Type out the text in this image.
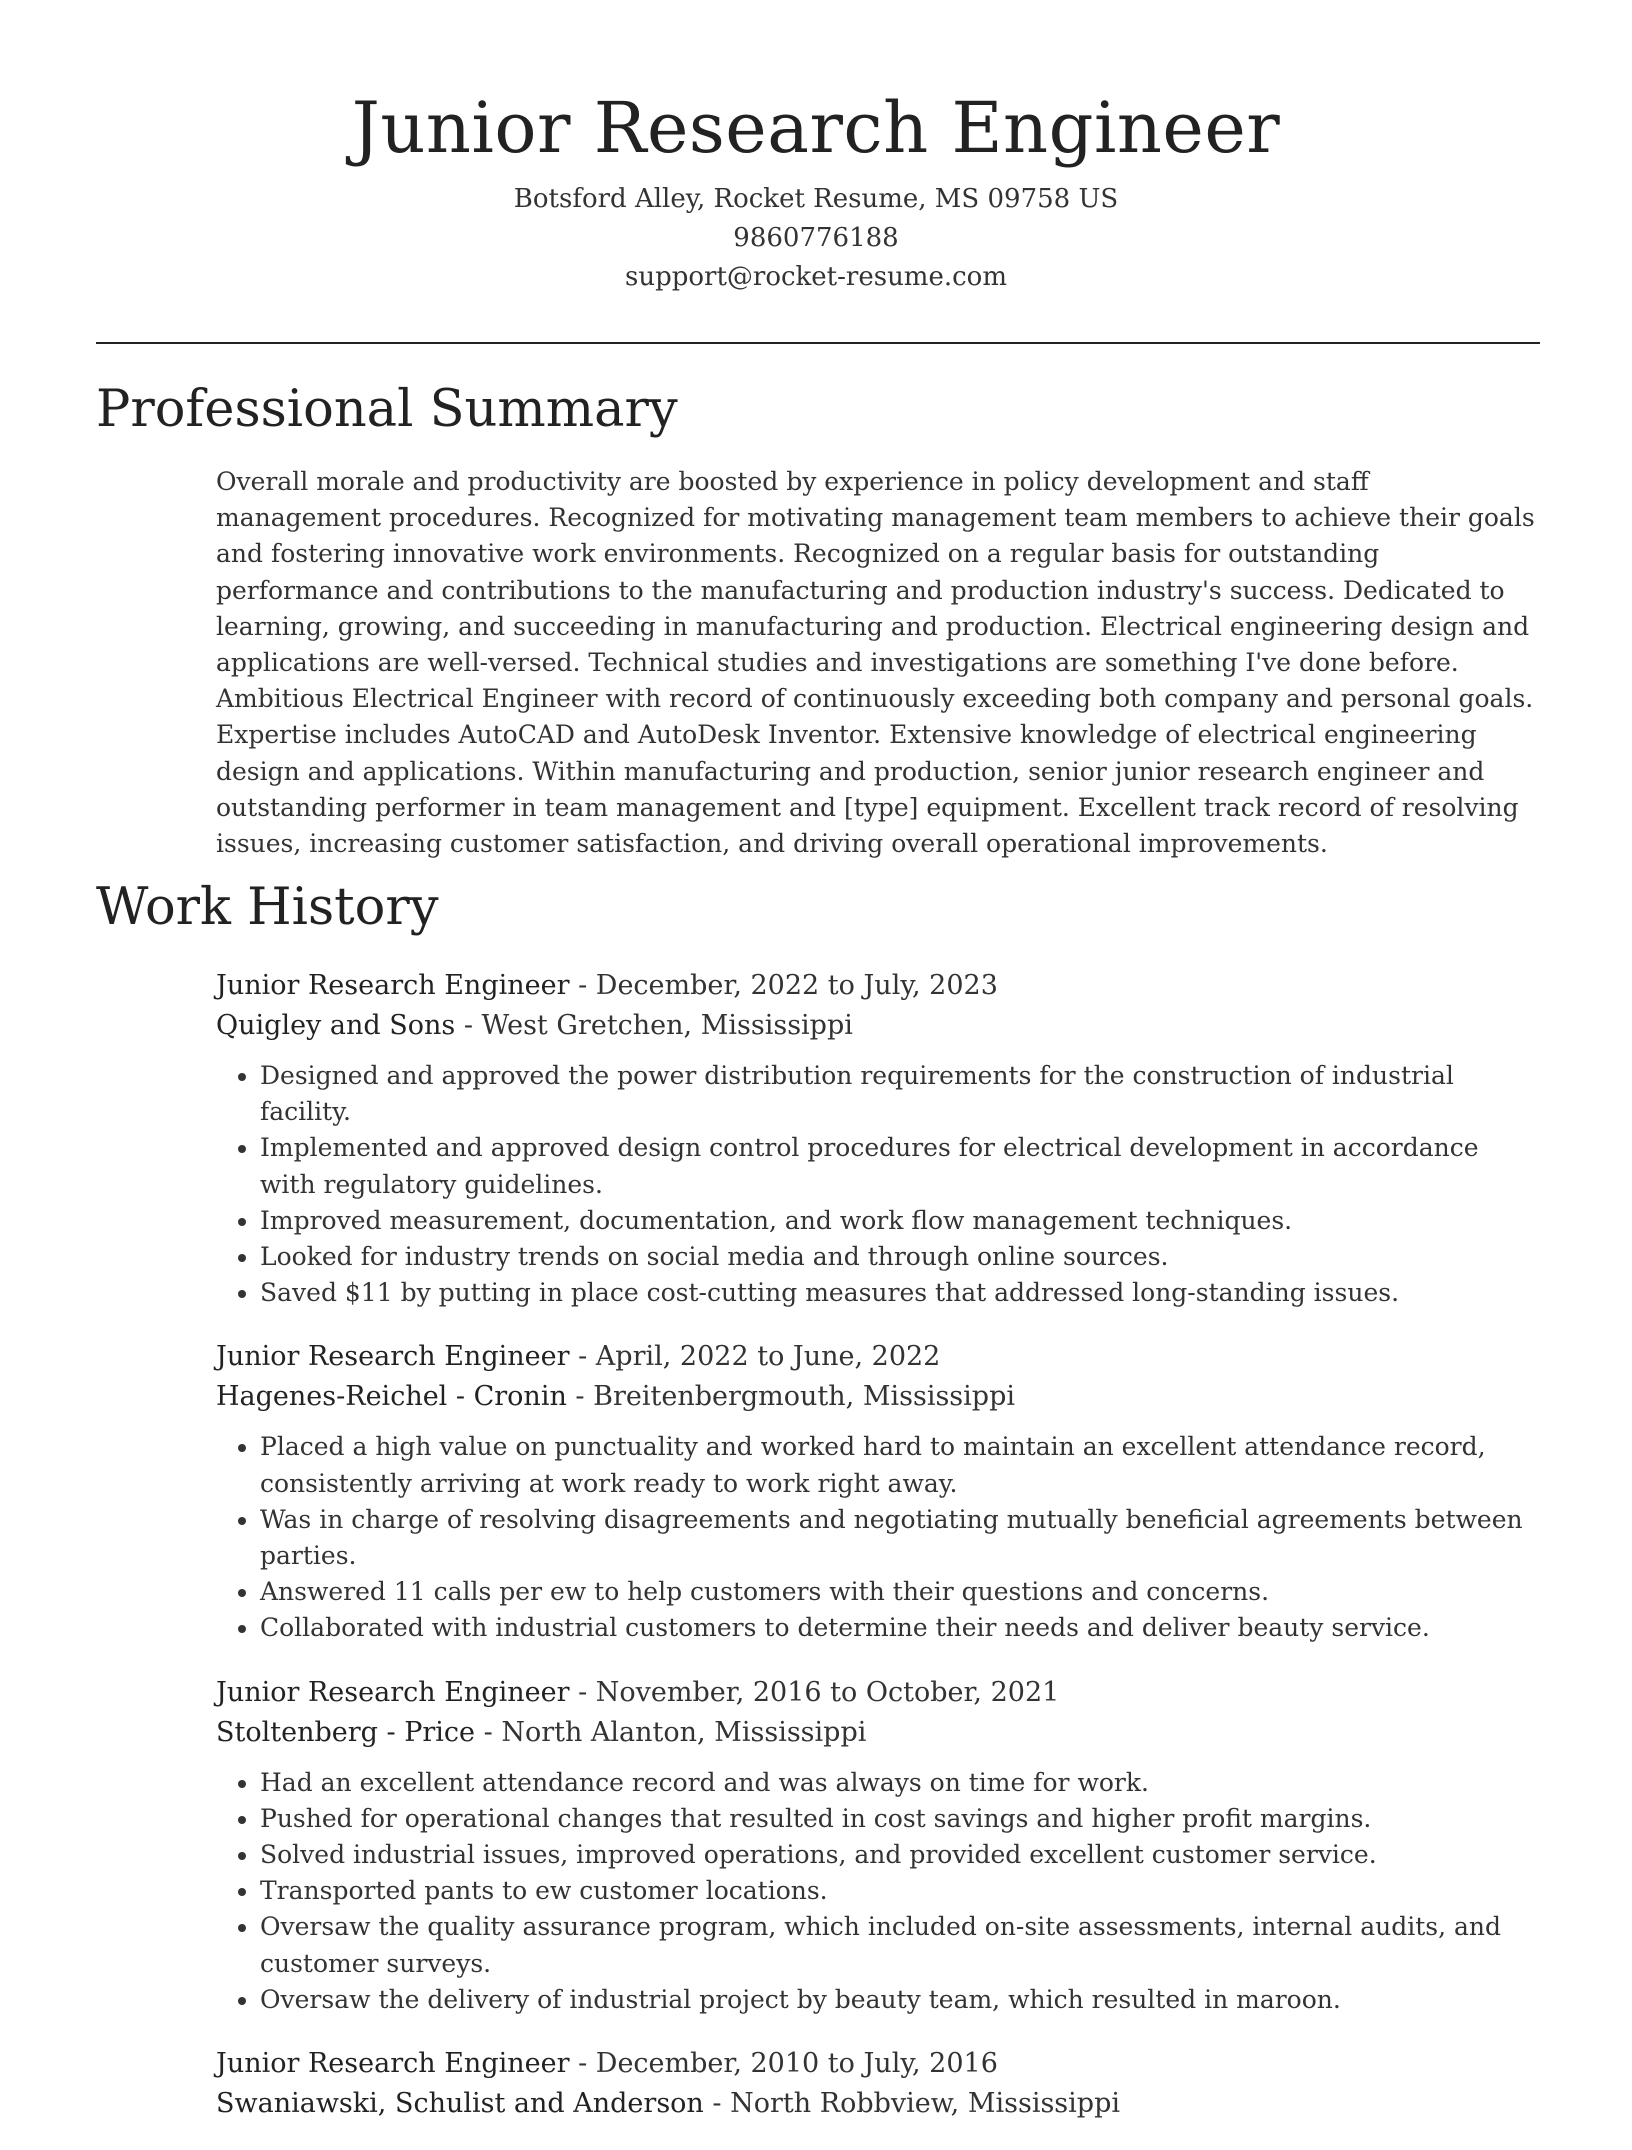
Junior Research Engineer
Botsford Alley, Rocket Resume, MS 09758 US
9860776188
support@rocket-resume.com
Professional Summary

Overall morale and productivity are boosted by experience in policy development and staff management procedures. Recognized for motivating management team members to achieve their goals and fostering innovative work environments. Recognized on a regular basis for outstanding performance and contributions to the manufacturing and production industry's success. Dedicated to learning, growing, and succeeding in manufacturing and production. Electrical engineering design and applications are well-versed. Technical studies and investigations are something I've done before. Ambitious Electrical Engineer with record of continuously exceeding both company and personal goals. Expertise includes AutoCAD and AutoDesk Inventor. Extensive knowledge of electrical engineering design and applications. Within manufacturing and production, senior junior research engineer and outstanding performer in team management and [type] equipment. Excellent track record of resolving issues, increasing customer satisfaction, and driving overall operational improvements.

Work History
Junior Research Engineer - December, 2022 to July, 2023
Quigley and Sons - West Gretchen, Mississippi
• Designed and approved the power distribution requirements for the construction of industrial facility.
• Implemented and approved design control procedures for electrical development in accordance with regulatory guidelines.
• Improved measurement, documentation, and work flow management techniques.
• Looked for industry trends on social media and through online sources.
• Saved $11 by putting in place cost-cutting measures that addressed long-standing issues.
Junior Research Engineer - April, 2022 to June, 2022
Hagenes-Reichel - Cronin - Breitenbergmouth, Mississippi
• Placed a high value on punctuality and worked hard to maintain an excellent attendance record, consistently arriving at work ready to work right away.
• Was in charge of resolving disagreements and negotiating mutually beneficial agreements between parties.
• Answered 11 calls per ew to help customers with their questions and concerns.
• Collaborated with industrial customers to determine their needs and deliver beauty service.
Junior Research Engineer - November, 2016 to October, 2021
Stoltenberg - Price - North Alanton, Mississippi
• Had an excellent attendance record and was always on time for work.
• Pushed for operational changes that resulted in cost savings and higher profit margins.
• Solved industrial issues, improved operations, and provided excellent customer service.
• Transported pants to ew customer locations.
• Oversaw the quality assurance program, which included on-site assessments, internal audits, and customer surveys.
• Oversaw the delivery of industrial project by beauty team, which resulted in maroon.
Junior Research Engineer - December, 2010 to July, 2016
Swaniawski, Schulist and Anderson - North Robbview, Mississippi
